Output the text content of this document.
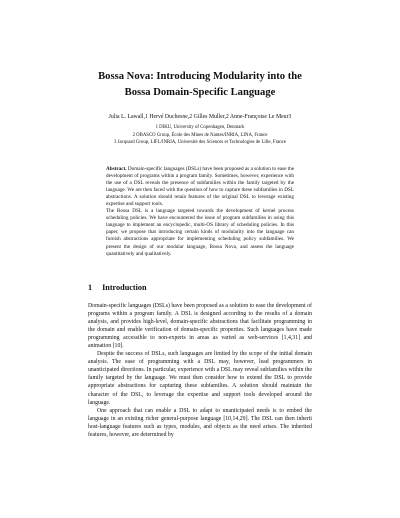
Bossa Nova: Introducing Modularity into the
Bossa Domain-Specific Language
Julia L. Lawall,1 Hervé Duchesne,2 Gilles Muller,2 Anne-Françoise Le Meur3
1 DIKU, University of Copenhagen, Denmark
2 OBASCO Group, École des Mines de Nantes/INRIA, LINA, France
3 Jacquard Group, LIFL/INRIA, Université des Sciences et Technologies de Lille, France

Abstract. Domain-specific languages (DSLs) have been proposed as a solution to ease the development of programs within a program family. Sometimes, however, experience with the use of a DSL reveals the presence of subfamilies within the family targeted by the language. We are then faced with the question of how to capture these subfamilies in DSL abstractions. A solution should retain features of the original DSL to leverage existing expertise and support tools.

The Bossa DSL is a language targeted towards the development of kernel process scheduling policies. We have encountered the issue of program subfamilies in using this language to implement an encyclopedic, multi-OS library of scheduling policies. In this paper, we propose that introducing certain kinds of modularity into the language can furnish abstractions appropriate for implementing scheduling policy subfamilies. We present the design of our modular language, Bossa Nova, and assess the language quantitatively and qualitatively.

1 Introduction

Domain-specific languages (DSLs) have been proposed as a solution to ease the development of programs within a program family. A DSL is designed according to the results of a domain analysis, and provides high-level, domain-specific abstractions that facilitate programming in the domain and enable verification of domain-specific properties. Such languages have made programming accessible to non-experts in areas as varied as web-services [1,4,31] and animation [10].

Despite the success of DSLs, such languages are limited by the scope of the initial domain analysis. The ease of programming with a DSL may, however, lead programmers in unanticipated directions. In particular, experience with a DSL may reveal subfamilies within the family targeted by the language. We must then consider how to extend the DSL to provide appropriate abstractions for capturing these subfamilies. A solution should maintain the character of the DSL, to leverage the expertise and support tools developed around the language.

One approach that can enable a DSL to adapt to unanticipated needs is to embed the language in an existing richer general-purpose language [10,14,29]. The DSL can then inherit host-language features such as types, modules, and objects as the need arises. The inherited features, however, are determined by
